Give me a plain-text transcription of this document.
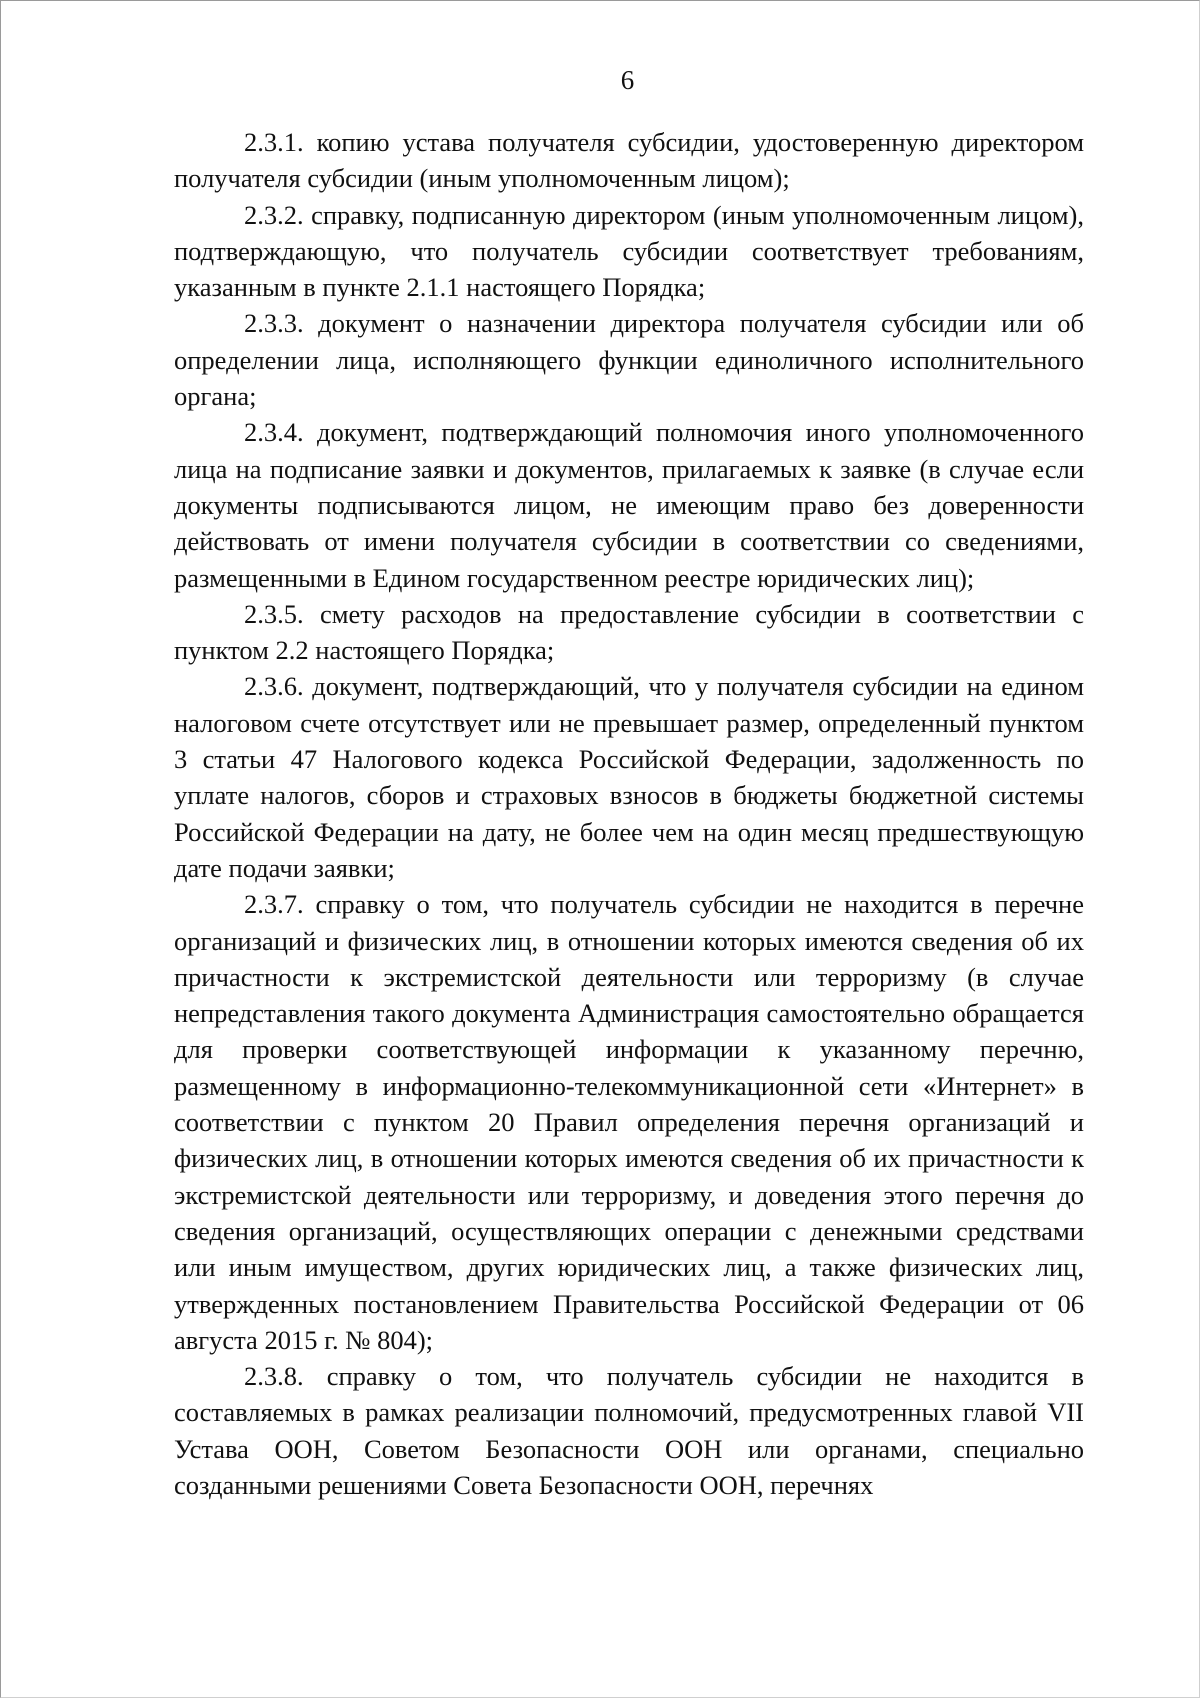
6

2.3.1. копию устава получателя субсидии, удостоверенную директором получателя субсидии (иным уполномоченным лицом);

2.3.2. справку, подписанную директором (иным уполномоченным лицом), подтверждающую, что получатель субсидии соответствует требованиям, указанным в пункте 2.1.1 настоящего Порядка;

2.3.3. документ о назначении директора получателя субсидии или об определении лица, исполняющего функции единоличного исполнительного органа;

2.3.4. документ, подтверждающий полномочия иного уполномоченного лица на подписание заявки и документов, прилагаемых к заявке (в случае если документы подписываются лицом, не имеющим право без доверенности действовать от имени получателя субсидии в соответствии со сведениями, размещенными в Едином государственном реестре юридических лиц);

2.3.5. смету расходов на предоставление субсидии в соответствии с пунктом 2.2 настоящего Порядка;

2.3.6. документ, подтверждающий, что у получателя субсидии на едином налоговом счете отсутствует или не превышает размер, определенный пунктом 3 статьи 47 Налогового кодекса Российской Федерации, задолженность по уплате налогов, сборов и страховых взносов в бюджеты бюджетной системы Российской Федерации на дату, не более чем на один месяц предшествующую дате подачи заявки;

2.3.7. справку о том, что получатель субсидии не находится в перечне организаций и физических лиц, в отношении которых имеются сведения об их причастности к экстремистской деятельности или терроризму (в случае непредставления такого документа Администрация самостоятельно обращается для проверки соответствующей информации к указанному перечню, размещенному в информационно-телекоммуникационной сети «Интернет» в соответствии с пунктом 20 Правил определения перечня организаций и физических лиц, в отношении которых имеются сведения об их причастности к экстремистской деятельности или терроризму, и доведения этого перечня до сведения организаций, осуществляющих операции с денежными средствами или иным имуществом, других юридических лиц, а также физических лиц, утвержденных постановлением Правительства Российской Федерации от 06 августа 2015 г. № 804);

2.3.8. справку о том, что получатель субсидии не находится в составляемых в рамках реализации полномочий, предусмотренных главой VII Устава ООН, Советом Безопасности ООН или органами, специально созданными решениями Совета Безопасности ООН, перечнях
